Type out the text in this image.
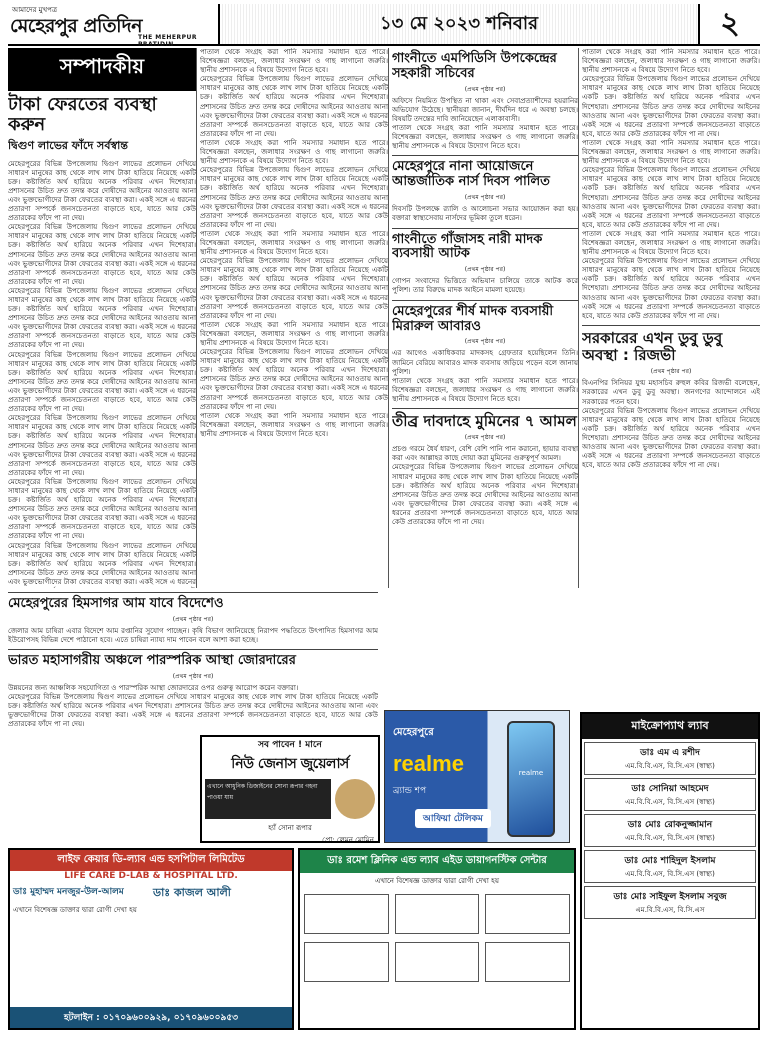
আমাদের মুখপত্র
মেহেরপুর প্রতিদিন
THE MEHERPUR PRATIDIN
১৩ মে ২০২৩ শনিবার	২
সম্পাদকীয়
টাকা ফেরতের ব্যবস্থা করুন
দ্বিগুণ লাভের ফাঁদে সর্বস্বান্ত

মেহেরপুরের বিভিন্ন উপজেলায় দ্বিগুণ লাভের প্রলোভন দেখিয়ে সাধারণ মানুষের কাছ থেকে লাখ লাখ টাকা হাতিয়ে নিয়েছে একটি চক্র। কষ্টার্জিত অর্থ হারিয়ে অনেক পরিবার এখন দিশেহারা। প্রশাসনের উচিত দ্রুত তদন্ত করে দোষীদের আইনের আওতায় আনা এবং ভুক্তভোগীদের টাকা ফেরতের ব্যবস্থা করা। একই সঙ্গে এ ধরনের প্রতারণা সম্পর্কে জনসচেতনতা বাড়াতে হবে, যাতে আর কেউ প্রতারকের ফাঁদে পা না দেয়।

মেহেরপুরের বিভিন্ন উপজেলায় দ্বিগুণ লাভের প্রলোভন দেখিয়ে সাধারণ মানুষের কাছ থেকে লাখ লাখ টাকা হাতিয়ে নিয়েছে একটি চক্র। কষ্টার্জিত অর্থ হারিয়ে অনেক পরিবার এখন দিশেহারা। প্রশাসনের উচিত দ্রুত তদন্ত করে দোষীদের আইনের আওতায় আনা এবং ভুক্তভোগীদের টাকা ফেরতের ব্যবস্থা করা। একই সঙ্গে এ ধরনের প্রতারণা সম্পর্কে জনসচেতনতা বাড়াতে হবে, যাতে আর কেউ প্রতারকের ফাঁদে পা না দেয়।

মেহেরপুরের বিভিন্ন উপজেলায় দ্বিগুণ লাভের প্রলোভন দেখিয়ে সাধারণ মানুষের কাছ থেকে লাখ লাখ টাকা হাতিয়ে নিয়েছে একটি চক্র। কষ্টার্জিত অর্থ হারিয়ে অনেক পরিবার এখন দিশেহারা। প্রশাসনের উচিত দ্রুত তদন্ত করে দোষীদের আইনের আওতায় আনা এবং ভুক্তভোগীদের টাকা ফেরতের ব্যবস্থা করা। একই সঙ্গে এ ধরনের প্রতারণা সম্পর্কে জনসচেতনতা বাড়াতে হবে, যাতে আর কেউ প্রতারকের ফাঁদে পা না দেয়।

মেহেরপুরের বিভিন্ন উপজেলায় দ্বিগুণ লাভের প্রলোভন দেখিয়ে সাধারণ মানুষের কাছ থেকে লাখ লাখ টাকা হাতিয়ে নিয়েছে একটি চক্র। কষ্টার্জিত অর্থ হারিয়ে অনেক পরিবার এখন দিশেহারা। প্রশাসনের উচিত দ্রুত তদন্ত করে দোষীদের আইনের আওতায় আনা এবং ভুক্তভোগীদের টাকা ফেরতের ব্যবস্থা করা। একই সঙ্গে এ ধরনের প্রতারণা সম্পর্কে জনসচেতনতা বাড়াতে হবে, যাতে আর কেউ প্রতারকের ফাঁদে পা না দেয়।

মেহেরপুরের বিভিন্ন উপজেলায় দ্বিগুণ লাভের প্রলোভন দেখিয়ে সাধারণ মানুষের কাছ থেকে লাখ লাখ টাকা হাতিয়ে নিয়েছে একটি চক্র। কষ্টার্জিত অর্থ হারিয়ে অনেক পরিবার এখন দিশেহারা। প্রশাসনের উচিত দ্রুত তদন্ত করে দোষীদের আইনের আওতায় আনা এবং ভুক্তভোগীদের টাকা ফেরতের ব্যবস্থা করা। একই সঙ্গে এ ধরনের প্রতারণা সম্পর্কে জনসচেতনতা বাড়াতে হবে, যাতে আর কেউ প্রতারকের ফাঁদে পা না দেয়।

মেহেরপুরের বিভিন্ন উপজেলায় দ্বিগুণ লাভের প্রলোভন দেখিয়ে সাধারণ মানুষের কাছ থেকে লাখ লাখ টাকা হাতিয়ে নিয়েছে একটি চক্র। কষ্টার্জিত অর্থ হারিয়ে অনেক পরিবার এখন দিশেহারা। প্রশাসনের উচিত দ্রুত তদন্ত করে দোষীদের আইনের আওতায় আনা এবং ভুক্তভোগীদের টাকা ফেরতের ব্যবস্থা করা। একই সঙ্গে এ ধরনের প্রতারণা সম্পর্কে জনসচেতনতা বাড়াতে হবে, যাতে আর কেউ প্রতারকের ফাঁদে পা না দেয়।

মেহেরপুরের বিভিন্ন উপজেলায় দ্বিগুণ লাভের প্রলোভন দেখিয়ে সাধারণ মানুষের কাছ থেকে লাখ লাখ টাকা হাতিয়ে নিয়েছে একটি চক্র। কষ্টার্জিত অর্থ হারিয়ে অনেক পরিবার এখন দিশেহারা। প্রশাসনের উচিত দ্রুত তদন্ত করে দোষীদের আইনের আওতায় আনা এবং ভুক্তভোগীদের টাকা ফেরতের ব্যবস্থা করা। একই সঙ্গে এ ধরনের

পাতাল থেকে সংগ্রহ করা পানি সমস্যার সমাধান হতে পারে। বিশেষজ্ঞরা বলছেন, জলাধার সংরক্ষণ ও গাছ লাগানো জরুরি। স্থানীয় প্রশাসনকে এ বিষয়ে উদ্যোগ নিতে হবে।

মেহেরপুরের বিভিন্ন উপজেলায় দ্বিগুণ লাভের প্রলোভন দেখিয়ে সাধারণ মানুষের কাছ থেকে লাখ লাখ টাকা হাতিয়ে নিয়েছে একটি চক্র। কষ্টার্জিত অর্থ হারিয়ে অনেক পরিবার এখন দিশেহারা। প্রশাসনের উচিত দ্রুত তদন্ত করে দোষীদের আইনের আওতায় আনা এবং ভুক্তভোগীদের টাকা ফেরতের ব্যবস্থা করা। একই সঙ্গে এ ধরনের প্রতারণা সম্পর্কে জনসচেতনতা বাড়াতে হবে, যাতে আর কেউ প্রতারকের ফাঁদে পা না দেয়।

পাতাল থেকে সংগ্রহ করা পানি সমস্যার সমাধান হতে পারে। বিশেষজ্ঞরা বলছেন, জলাধার সংরক্ষণ ও গাছ লাগানো জরুরি। স্থানীয় প্রশাসনকে এ বিষয়ে উদ্যোগ নিতে হবে।

মেহেরপুরের বিভিন্ন উপজেলায় দ্বিগুণ লাভের প্রলোভন দেখিয়ে সাধারণ মানুষের কাছ থেকে লাখ লাখ টাকা হাতিয়ে নিয়েছে একটি চক্র। কষ্টার্জিত অর্থ হারিয়ে অনেক পরিবার এখন দিশেহারা। প্রশাসনের উচিত দ্রুত তদন্ত করে দোষীদের আইনের আওতায় আনা এবং ভুক্তভোগীদের টাকা ফেরতের ব্যবস্থা করা। একই সঙ্গে এ ধরনের প্রতারণা সম্পর্কে জনসচেতনতা বাড়াতে হবে, যাতে আর কেউ প্রতারকের ফাঁদে পা না দেয়।

পাতাল থেকে সংগ্রহ করা পানি সমস্যার সমাধান হতে পারে। বিশেষজ্ঞরা বলছেন, জলাধার সংরক্ষণ ও গাছ লাগানো জরুরি। স্থানীয় প্রশাসনকে এ বিষয়ে উদ্যোগ নিতে হবে।

মেহেরপুরের বিভিন্ন উপজেলায় দ্বিগুণ লাভের প্রলোভন দেখিয়ে সাধারণ মানুষের কাছ থেকে লাখ লাখ টাকা হাতিয়ে নিয়েছে একটি চক্র। কষ্টার্জিত অর্থ হারিয়ে অনেক পরিবার এখন দিশেহারা। প্রশাসনের উচিত দ্রুত তদন্ত করে দোষীদের আইনের আওতায় আনা এবং ভুক্তভোগীদের টাকা ফেরতের ব্যবস্থা করা। একই সঙ্গে এ ধরনের প্রতারণা সম্পর্কে জনসচেতনতা বাড়াতে হবে, যাতে আর কেউ প্রতারকের ফাঁদে পা না দেয়।

পাতাল থেকে সংগ্রহ করা পানি সমস্যার সমাধান হতে পারে। বিশেষজ্ঞরা বলছেন, জলাধার সংরক্ষণ ও গাছ লাগানো জরুরি। স্থানীয় প্রশাসনকে এ বিষয়ে উদ্যোগ নিতে হবে।

মেহেরপুরের বিভিন্ন উপজেলায় দ্বিগুণ লাভের প্রলোভন দেখিয়ে সাধারণ মানুষের কাছ থেকে লাখ লাখ টাকা হাতিয়ে নিয়েছে একটি চক্র। কষ্টার্জিত অর্থ হারিয়ে অনেক পরিবার এখন দিশেহারা। প্রশাসনের উচিত দ্রুত তদন্ত করে দোষীদের আইনের আওতায় আনা এবং ভুক্তভোগীদের টাকা ফেরতের ব্যবস্থা করা। একই সঙ্গে এ ধরনের প্রতারণা সম্পর্কে জনসচেতনতা বাড়াতে হবে, যাতে আর কেউ প্রতারকের ফাঁদে পা না দেয়।

পাতাল থেকে সংগ্রহ করা পানি সমস্যার সমাধান হতে পারে। বিশেষজ্ঞরা বলছেন, জলাধার সংরক্ষণ ও গাছ লাগানো জরুরি। স্থানীয় প্রশাসনকে এ বিষয়ে উদ্যোগ নিতে হবে।

গাংনীতে এমপিডিসি উপকেন্দ্রের সহকারী সচিবের
(প্রথম পৃষ্ঠার পর)

অফিসে নিয়মিত উপস্থিত না থাকা এবং সেবাপ্রত্যাশীদের হয়রানির অভিযোগ উঠেছে। স্থানীয়রা জানান, দীর্ঘদিন ধরে এ অবস্থা চলছে। বিষয়টি তদন্তের দাবি জানিয়েছেন এলাকাবাসী।

পাতাল থেকে সংগ্রহ করা পানি সমস্যার সমাধান হতে পারে। বিশেষজ্ঞরা বলছেন, জলাধার সংরক্ষণ ও গাছ লাগানো জরুরি। স্থানীয় প্রশাসনকে এ বিষয়ে উদ্যোগ নিতে হবে।

মেহেরপুরে নানা আয়োজনে আন্তর্জাতিক নার্স দিবস পালিত
(প্রথম পৃষ্ঠার পর)

দিবসটি উপলক্ষে র‍্যালি ও আলোচনা সভার আয়োজন করা হয়। বক্তারা স্বাস্থ্যসেবায় নার্সদের ভূমিকা তুলে ধরেন।

গাংনীতে গাঁজাসহ নারী মাদক ব্যবসায়ী আটক
(প্রথম পৃষ্ঠার পর)

গোপন সংবাদের ভিত্তিতে অভিযান চালিয়ে তাকে আটক করে পুলিশ। তার বিরুদ্ধে মাদক আইনে মামলা হয়েছে।

মেহেরপুরের শীর্ষ মাদক ব্যবসায়ী মিরারুল আবারও
(প্রথম পৃষ্ঠার পর)

এর আগেও একাধিকবার মাদকসহ গ্রেফতার হয়েছিলেন তিনি। জামিনে বেরিয়ে আবারও মাদক ব্যবসায় জড়িয়ে পড়েন বলে জানায় পুলিশ।

পাতাল থেকে সংগ্রহ করা পানি সমস্যার সমাধান হতে পারে। বিশেষজ্ঞরা বলছেন, জলাধার সংরক্ষণ ও গাছ লাগানো জরুরি। স্থানীয় প্রশাসনকে এ বিষয়ে উদ্যোগ নিতে হবে।

তীব্র দাবদাহে মুমিনের ৭ আমল
(প্রথম পৃষ্ঠার পর)

প্রচণ্ড গরমে ধৈর্য ধারণ, বেশি বেশি পানি পান করানো, ছায়ার ব্যবস্থা করা এবং আল্লাহর কাছে দোয়া করা মুমিনের গুরুত্বপূর্ণ আমল।

মেহেরপুরের বিভিন্ন উপজেলায় দ্বিগুণ লাভের প্রলোভন দেখিয়ে সাধারণ মানুষের কাছ থেকে লাখ লাখ টাকা হাতিয়ে নিয়েছে একটি চক্র। কষ্টার্জিত অর্থ হারিয়ে অনেক পরিবার এখন দিশেহারা। প্রশাসনের উচিত দ্রুত তদন্ত করে দোষীদের আইনের আওতায় আনা এবং ভুক্তভোগীদের টাকা ফেরতের ব্যবস্থা করা। একই সঙ্গে এ ধরনের প্রতারণা সম্পর্কে জনসচেতনতা বাড়াতে হবে, যাতে আর কেউ প্রতারকের ফাঁদে পা না দেয়।

পাতাল থেকে সংগ্রহ করা পানি সমস্যার সমাধান হতে পারে। বিশেষজ্ঞরা বলছেন, জলাধার সংরক্ষণ ও গাছ লাগানো জরুরি। স্থানীয় প্রশাসনকে এ বিষয়ে উদ্যোগ নিতে হবে।

মেহেরপুরের বিভিন্ন উপজেলায় দ্বিগুণ লাভের প্রলোভন দেখিয়ে সাধারণ মানুষের কাছ থেকে লাখ লাখ টাকা হাতিয়ে নিয়েছে একটি চক্র। কষ্টার্জিত অর্থ হারিয়ে অনেক পরিবার এখন দিশেহারা। প্রশাসনের উচিত দ্রুত তদন্ত করে দোষীদের আইনের আওতায় আনা এবং ভুক্তভোগীদের টাকা ফেরতের ব্যবস্থা করা। একই সঙ্গে এ ধরনের প্রতারণা সম্পর্কে জনসচেতনতা বাড়াতে হবে, যাতে আর কেউ প্রতারকের ফাঁদে পা না দেয়।

পাতাল থেকে সংগ্রহ করা পানি সমস্যার সমাধান হতে পারে। বিশেষজ্ঞরা বলছেন, জলাধার সংরক্ষণ ও গাছ লাগানো জরুরি। স্থানীয় প্রশাসনকে এ বিষয়ে উদ্যোগ নিতে হবে।

মেহেরপুরের বিভিন্ন উপজেলায় দ্বিগুণ লাভের প্রলোভন দেখিয়ে সাধারণ মানুষের কাছ থেকে লাখ লাখ টাকা হাতিয়ে নিয়েছে একটি চক্র। কষ্টার্জিত অর্থ হারিয়ে অনেক পরিবার এখন দিশেহারা। প্রশাসনের উচিত দ্রুত তদন্ত করে দোষীদের আইনের আওতায় আনা এবং ভুক্তভোগীদের টাকা ফেরতের ব্যবস্থা করা। একই সঙ্গে এ ধরনের প্রতারণা সম্পর্কে জনসচেতনতা বাড়াতে হবে, যাতে আর কেউ প্রতারকের ফাঁদে পা না দেয়।

পাতাল থেকে সংগ্রহ করা পানি সমস্যার সমাধান হতে পারে। বিশেষজ্ঞরা বলছেন, জলাধার সংরক্ষণ ও গাছ লাগানো জরুরি। স্থানীয় প্রশাসনকে এ বিষয়ে উদ্যোগ নিতে হবে।

মেহেরপুরের বিভিন্ন উপজেলায় দ্বিগুণ লাভের প্রলোভন দেখিয়ে সাধারণ মানুষের কাছ থেকে লাখ লাখ টাকা হাতিয়ে নিয়েছে একটি চক্র। কষ্টার্জিত অর্থ হারিয়ে অনেক পরিবার এখন দিশেহারা। প্রশাসনের উচিত দ্রুত তদন্ত করে দোষীদের আইনের আওতায় আনা এবং ভুক্তভোগীদের টাকা ফেরতের ব্যবস্থা করা। একই সঙ্গে এ ধরনের প্রতারণা সম্পর্কে জনসচেতনতা বাড়াতে হবে, যাতে আর কেউ প্রতারকের ফাঁদে পা না দেয়।

সরকারের এখন ডুবু ডুবু অবস্থা : রিজভী
(প্রথম পৃষ্ঠার পর)

বিএনপির সিনিয়র যুগ্ম মহাসচিব রুহুল কবির রিজভী বলেছেন, সরকারের এখন ডুবু ডুবু অবস্থা। জনগণের আন্দোলনে এই সরকারের পতন হবে।

মেহেরপুরের বিভিন্ন উপজেলায় দ্বিগুণ লাভের প্রলোভন দেখিয়ে সাধারণ মানুষের কাছ থেকে লাখ লাখ টাকা হাতিয়ে নিয়েছে একটি চক্র। কষ্টার্জিত অর্থ হারিয়ে অনেক পরিবার এখন দিশেহারা। প্রশাসনের উচিত দ্রুত তদন্ত করে দোষীদের আইনের আওতায় আনা এবং ভুক্তভোগীদের টাকা ফেরতের ব্যবস্থা করা। একই সঙ্গে এ ধরনের প্রতারণা সম্পর্কে জনসচেতনতা বাড়াতে হবে, যাতে আর কেউ প্রতারকের ফাঁদে পা না দেয়।

মেহেরপুরের হিমসাগর আম যাবে বিদেশেও
(প্রথম পৃষ্ঠার পর)

জেলার আম চাষিরা এবার বিদেশে আম রপ্তানির সুযোগ পাচ্ছেন। কৃষি বিভাগ জানিয়েছে নিরাপদ পদ্ধতিতে উৎপাদিত হিমসাগর আম ইউরোপসহ বিভিন্ন দেশে পাঠানো হবে। এতে চাষিরা ন্যায্য দাম পাবেন বলে আশা করা হচ্ছে।

ভারত মহাসাগরীয় অঞ্চলে পারস্পরিক আস্থা জোরদারের
(প্রথম পৃষ্ঠার পর)

উন্নয়নের জন্য আঞ্চলিক সহযোগিতা ও পারস্পরিক আস্থা জোরদারের ওপর গুরুত্ব আরোপ করেন বক্তারা।

মেহেরপুরের বিভিন্ন উপজেলায় দ্বিগুণ লাভের প্রলোভন দেখিয়ে সাধারণ মানুষের কাছ থেকে লাখ লাখ টাকা হাতিয়ে নিয়েছে একটি চক্র। কষ্টার্জিত অর্থ হারিয়ে অনেক পরিবার এখন দিশেহারা। প্রশাসনের উচিত দ্রুত তদন্ত করে দোষীদের আইনের আওতায় আনা এবং ভুক্তভোগীদের টাকা ফেরতের ব্যবস্থা করা। একই সঙ্গে এ ধরনের প্রতারণা সম্পর্কে জনসচেতনতা বাড়াতে হবে, যাতে আর কেউ প্রতারকের ফাঁদে পা না দেয়।

সব পাবেন ! মানে
নিউ জেনাস জুয়েলার্স
এখানে আধুনিক ডিজাইনের সোনা রূপার গহনা পাওয়া যায়
হ্যাঁ সোনা রূপার
প্রো: লেমন মোমিন
মেহেরপুরে
realme
ব্র্যান্ড শপ
আফিয়া টেলিকম
realme
মাইক্রোপ্যাথ ল্যাব
ডাঃ এম এ রশীদ
এম.বি.বি.এস, বি.সি.এস (স্বাস্থ্য)
ডাঃ সোনিয়া আহমেদ
এম.বি.বি.এস, বি.সি.এস (স্বাস্থ্য)
ডাঃ মোঃ রোকনুজ্জামান
এম.বি.বি.এস, বি.সি.এস (স্বাস্থ্য)
ডাঃ মোঃ শাহিদুল ইসলাম
এম.বি.বি.এস, বি.সি.এস (স্বাস্থ্য)
ডাঃ মোঃ সাইফুল ইসলাম সবুজ
এম.বি.বি.এস, বি.সি.এস
লাইফ কেয়ার ডি-ল্যাব এন্ড হসপিটাল লিমিটেড
LIFE CARE D-LAB & HOSPITAL LTD.
ডাঃ মুহাম্মদ মনজুর-উল-আলম	ডাঃ কাজল আলী

এখানে বিশেষজ্ঞ ডাক্তার দ্বারা রোগী দেখা হয়

হটলাইন : ০১৭০৯৬০০৯২৯, ০১৭০৯৬০০৯৫৩
ডাঃ রমেশ ক্লিনিক এন্ড ল্যাব এইড ডায়াগনস্টিক সেন্টার
এখানে বিশেষজ্ঞ ডাক্তার দ্বারা রোগী দেখা হয়
